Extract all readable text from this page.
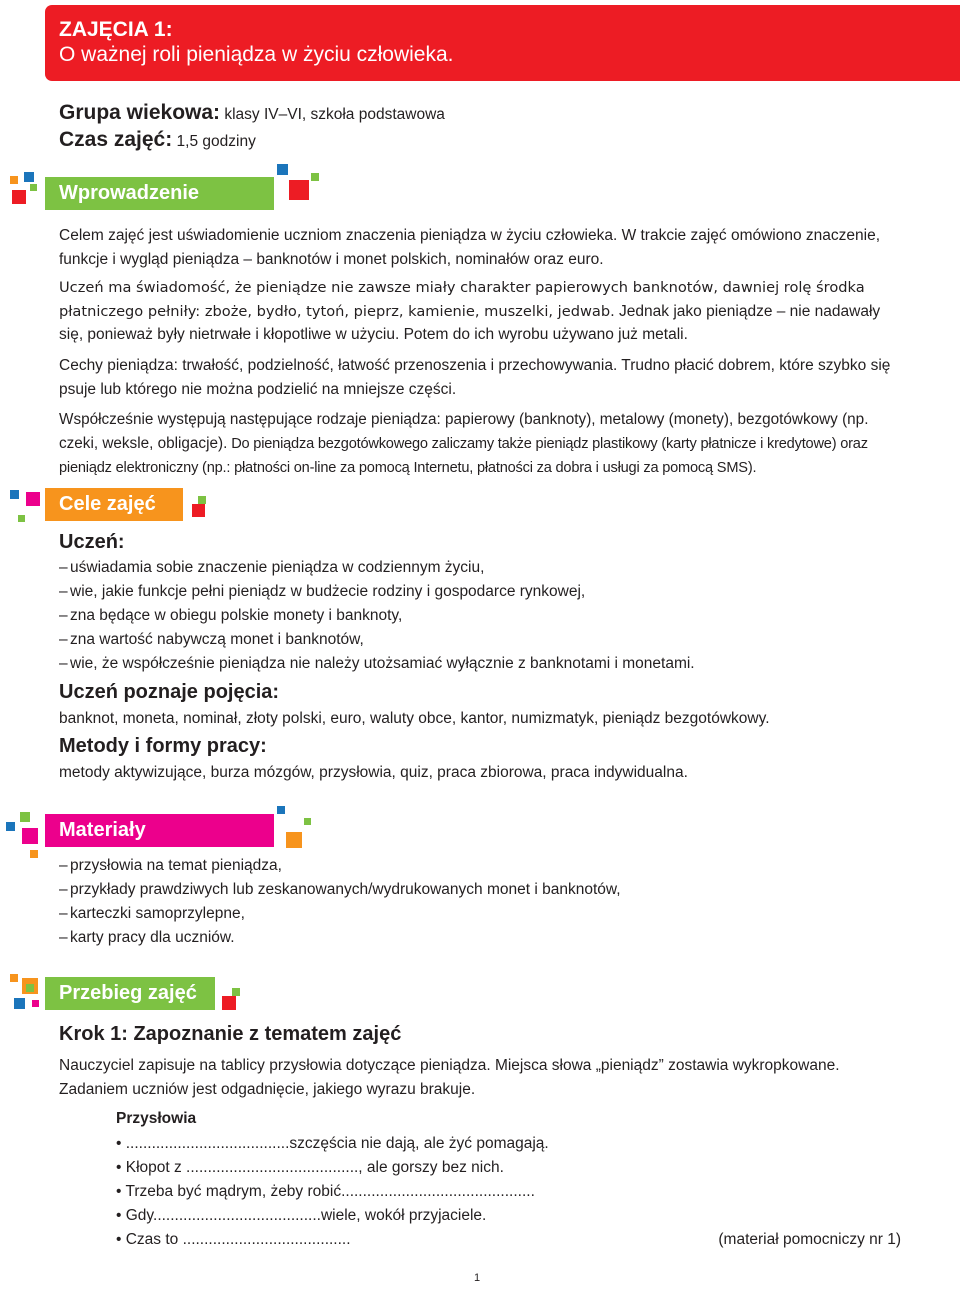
ZAJĘCIA 1:
O ważnej roli pieniądza w życiu człowieka.
Grupa wiekowa: klasy IV–VI, szkoła podstawowa
Czas zajęć: 1,5 godziny
Wprowadzenie
Celem zajęć jest uświadomienie uczniom znaczenia pieniądza w życiu człowieka. W trakcie zajęć omówiono znaczenie, funkcje i wygląd pieniądza – banknotów i monet polskich, nominałów oraz euro.
Uczeń ma świadomość, że pieniądze nie zawsze miały charakter papierowych banknotów, dawniej rolę środka płatniczego pełniły: zboże, bydło, tytoń, pieprz, kamienie, muszelki, jedwab. Jednak jako pieniądze – nie nadawały się, ponieważ były nietrwałe i kłopotliwe w użyciu. Potem do ich wyrobu używano już metali.
Cechy pieniądza: trwałość, podzielność, łatwość przenoszenia i przechowywania. Trudno płacić dobrem, które szybko się psuje lub którego nie można podzielić na mniejsze części.
Współcześnie występują następujące rodzaje pieniądza: papierowy (banknoty), metalowy (monety), bezgotówkowy (np. czeki, weksle, obligacje). Do pieniądza bezgotówkowego zaliczamy także pieniądz plastikowy (karty płatnicze i kredytowe) oraz pieniądz elektroniczny (np.: płatności on-line za pomocą Internetu, płatności za dobra i usługi za pomocą SMS).
Cele zajęć
Uczeń:
– uświadamia sobie znaczenie pieniądza w codziennym życiu,
– wie, jakie funkcje pełni pieniądz w budżecie rodziny i gospodarce rynkowej,
– zna będące w obiegu polskie monety i banknoty,
– zna wartość nabywczą monet i banknotów,
– wie, że współcześnie pieniądza nie należy utożsamiać wyłącznie z banknotami i monetami.
Uczeń poznaje pojęcia:
banknot, moneta, nominał, złoty polski, euro, waluty obce, kantor, numizmatyk, pieniądz bezgotówkowy.
Metody i formy pracy:
metody aktywizujące, burza mózgów, przysłowia, quiz, praca zbiorowa, praca indywidualna.
Materiały
– przysłowia na temat pieniądza,
– przykłady prawdziwych lub zeskanowanych/wydrukowanych monet i banknotów,
– karteczki samoprzylepne,
– karty pracy dla uczniów.
Przebieg zajęć
Krok 1: Zapoznanie z tematem zajęć
Nauczyciel zapisuje na tablicy przysłowia dotyczące pieniądza. Miejsca słowa „pieniądz” zostawia wykropkowane. Zadaniem uczniów jest odgadnięcie, jakiego wyrazu brakuje.
Przysłowia
• ......................................szczęścia nie dają, ale żyć pomagają.
• Kłopot z ........................................, ale gorszy bez nich.
• Trzeba być mądrym, żeby robić.............................................
• Gdy.......................................wiele, wokół przyjaciele.
• Czas to .......................................	(materiał pomocniczy nr 1)
1
